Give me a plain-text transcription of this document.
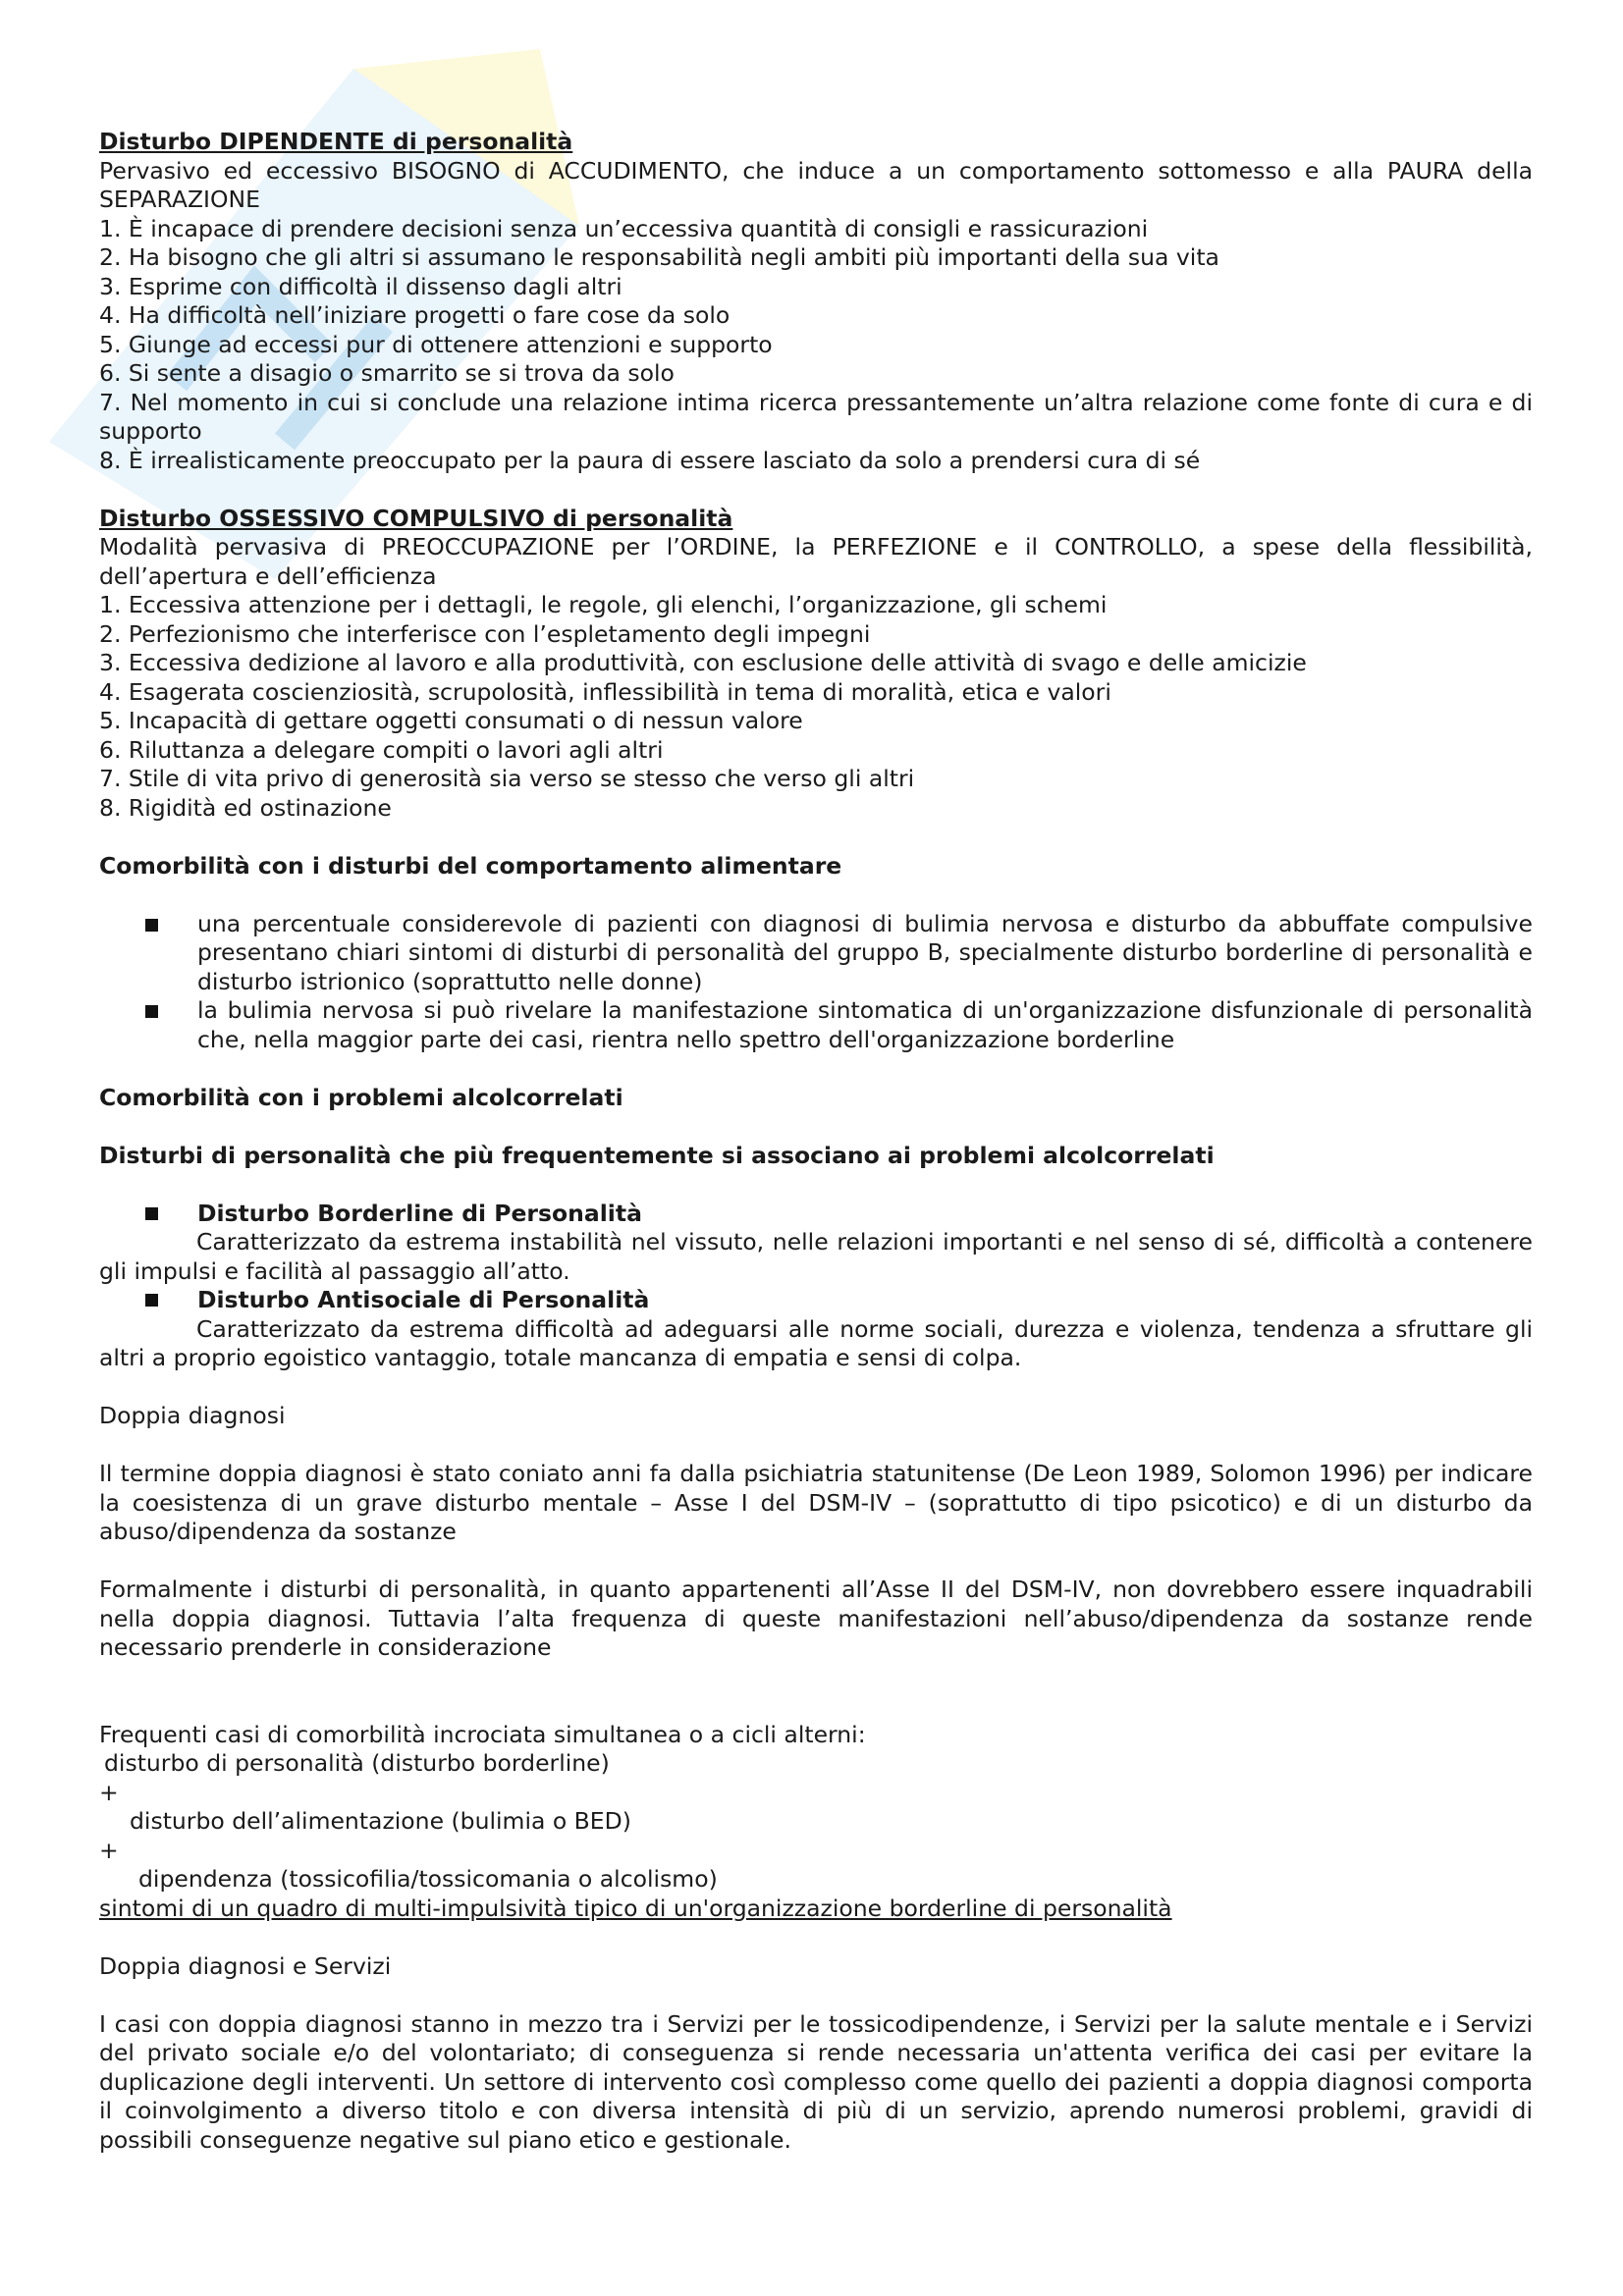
Disturbo DIPENDENTE di personalità

Pervasivo ed eccessivo BISOGNO di ACCUDIMENTO, che induce a un comportamento sottomesso e alla PAURA della SEPARAZIONE

1. È incapace di prendere decisioni senza un’eccessiva quantità di consigli e rassicurazioni

2. Ha bisogno che gli altri si assumano le responsabilità negli ambiti più importanti della sua vita

3. Esprime con difficoltà il dissenso dagli altri

4. Ha difficoltà nell’iniziare progetti o fare cose da solo

5. Giunge ad eccessi pur di ottenere attenzioni e supporto

6. Si sente a disagio o smarrito se si trova da solo

7. Nel momento in cui si conclude una relazione intima ricerca pressantemente un’altra relazione come fonte di cura e di supporto

8. È irrealisticamente preoccupato per la paura di essere lasciato da solo a prendersi cura di sé

Disturbo OSSESSIVO COMPULSIVO di personalità

Modalità pervasiva di PREOCCUPAZIONE per l’ORDINE, la PERFEZIONE e il CONTROLLO, a spese della flessibilità, dell’apertura e dell’efficienza

1. Eccessiva attenzione per i dettagli, le regole, gli elenchi, l’organizzazione, gli schemi

2. Perfezionismo che interferisce con l’espletamento degli impegni

3. Eccessiva dedizione al lavoro e alla produttività, con esclusione delle attività di svago e delle amicizie

4. Esagerata coscienziosità, scrupolosità, inflessibilità in tema di moralità, etica e valori

5. Incapacità di gettare oggetti consumati o di nessun valore

6. Riluttanza a delegare compiti o lavori agli altri

7. Stile di vita privo di generosità sia verso se stesso che verso gli altri

8. Rigidità ed ostinazione

Comorbilità con i disturbi del comportamento alimentare

una percentuale considerevole di pazienti con diagnosi di bulimia nervosa e disturbo da abbuffate compulsive presentano chiari sintomi di disturbi di personalità del gruppo B, specialmente disturbo borderline di personalità e disturbo istrionico (soprattutto nelle donne)
la bulimia nervosa si può rivelare la manifestazione sintomatica di un'organizzazione disfunzionale di personalità che, nella maggior parte dei casi, rientra nello spettro dell'organizzazione borderline

Comorbilità con i problemi alcolcorrelati

Disturbi di personalità che più frequentemente si associano ai problemi alcolcorrelati

Disturbo Borderline di Personalità

Caratterizzato da estrema instabilità nel vissuto, nelle relazioni importanti e nel senso di sé, difficoltà a contenere gli impulsi e facilità al passaggio all’atto.

Disturbo Antisociale di Personalità

Caratterizzato da estrema difficoltà ad adeguarsi alle norme sociali, durezza e violenza, tendenza a sfruttare gli altri a proprio egoistico vantaggio, totale mancanza di empatia e sensi di colpa.

Doppia diagnosi

Il termine doppia diagnosi è stato coniato anni fa dalla psichiatria statunitense (De Leon 1989, Solomon 1996) per indicare la coesistenza di un grave disturbo mentale – Asse I del DSM-IV – (soprattutto di tipo psicotico) e di un disturbo da abuso/dipendenza da sostanze

Formalmente i disturbi di personalità, in quanto appartenenti all’Asse II del DSM-IV, non dovrebbero essere inquadrabili nella doppia diagnosi. Tuttavia l’alta frequenza di queste manifestazioni nell’abuso/dipendenza da sostanze rende necessario prenderle in considerazione

Frequenti casi di comorbilità incrociata simultanea o a cicli alterni:

disturbo di personalità (disturbo borderline)

+

disturbo dell’alimentazione (bulimia o BED)

+

dipendenza (tossicofilia/tossicomania o alcolismo)

sintomi di un quadro di multi-impulsività tipico di un'organizzazione borderline di personalità

Doppia diagnosi e Servizi

I casi con doppia diagnosi stanno in mezzo tra i Servizi per le tossicodipendenze, i Servizi per la salute mentale e i Servizi del privato sociale e/o del volontariato; di conseguenza si rende necessaria un'attenta verifica dei casi per evitare la duplicazione degli interventi. Un settore di intervento così complesso come quello dei pazienti a doppia diagnosi comporta il coinvolgimento a diverso titolo e con diversa intensità di più di un servizio, aprendo numerosi problemi, gravidi di possibili conseguenze negative sul piano etico e gestionale.
